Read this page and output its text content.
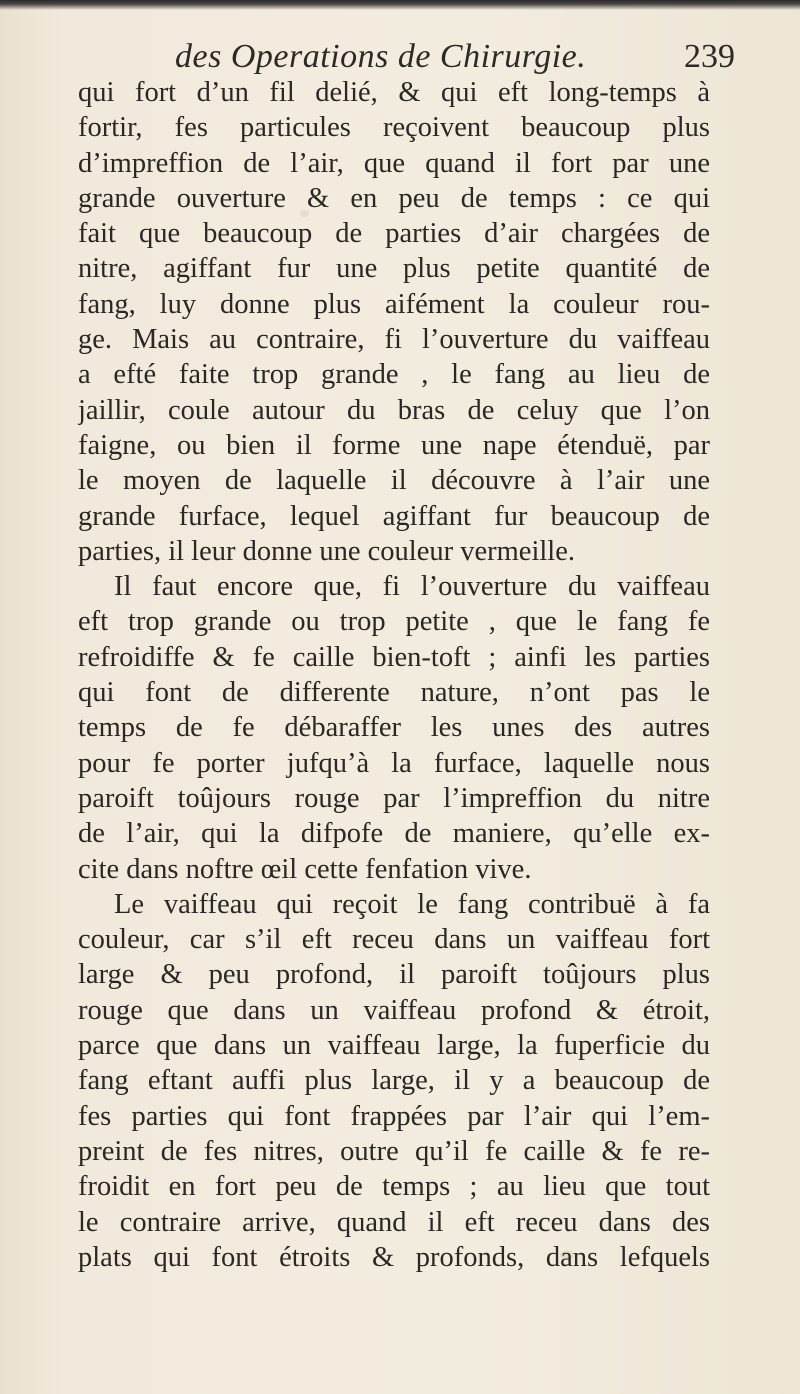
des Operations de Chirurgie.	239
qui fort d’un fil delié, & qui eft long-temps à
fortir, fes particules reçoivent beaucoup plus
d’impreffion de l’air, que quand il fort par une
grande ouverture & en peu de temps : ce qui
fait que beaucoup de parties d’air chargées de
nitre, agiffant fur une plus petite quantité de
fang, luy donne plus aifément la couleur rou-
ge. Mais au contraire, fi l’ouverture du vaiffeau
a efté faite trop grande , le fang au lieu de
jaillir, coule autour du bras de celuy que l’on
faigne, ou bien il forme une nape étenduë, par
le moyen de laquelle il découvre à l’air une
grande furface, lequel agiffant fur beaucoup de
parties, il leur donne une couleur vermeille.
Il faut encore que, fi l’ouverture du vaiffeau
eft trop grande ou trop petite , que le fang fe
refroidiffe & fe caille bien-toft ; ainfi les parties
qui font de differente nature, n’ont pas le
temps de fe débaraffer les unes des autres
pour fe porter jufqu’à la furface, laquelle nous
paroift toûjours rouge par l’impreffion du nitre
de l’air, qui la difpofe de maniere, qu’elle ex-
cite dans noftre œil cette fenfation vive.
Le vaiffeau qui reçoit le fang contribuë à fa
couleur, car s’il eft receu dans un vaiffeau fort
large & peu profond, il paroift toûjours plus
rouge que dans un vaiffeau profond & étroit,
parce que dans un vaiffeau large, la fuperficie du
fang eftant auffi plus large, il y a beaucoup de
fes parties qui font frappées par l’air qui l’em-
preint de fes nitres, outre qu’il fe caille & fe re-
froidit en fort peu de temps ; au lieu que tout
le contraire arrive, quand il eft receu dans des
plats qui font étroits & profonds, dans lefquels
